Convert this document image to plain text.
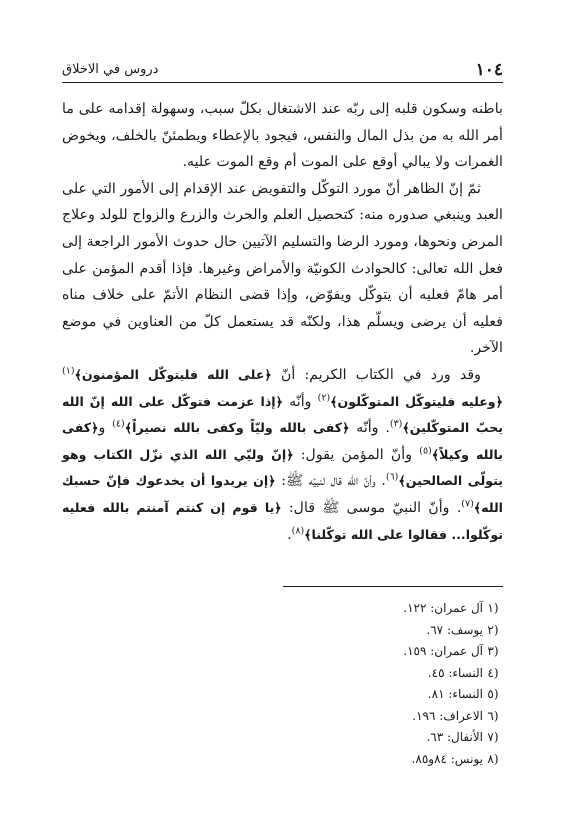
١٠٤
دروس في الاخلاق

باطنه وسكون قلبه إلى ربّه عند الاشتغال بكلّ سبب، وسهولة إقدامه على ما أمر الله به من بذل المال والنفس، فيجود بالإعطاء ويطمئنّ بالخلف، ويخوض الغمرات ولا يبالي أوقع على الموت أم وقع الموت عليه.

ثمّ إنّ الظاهر أنّ مورد التوكّل والتفويض عند الإقدام إلى الأمور التي على العبد وينبغي صدوره منه: كتحصيل العلم والحرث والزرع والزواج للولد وعلاج المرض ونحوها، ومورد الرضا والتسليم الآتيين حال حدوث الأمور الراجعة إلى فعل الله تعالى: كالحوادث الكونيّة والأمراض وغيرها. فإذا أقدم المؤمن على أمر هامّ فعليه أن يتوكّل ويفوّض، وإذا قضى النظام الأتمّ على خلاف مناه فعليه أن يرضى ويسلّم هذا، ولكنّه قد يستعمل كلّ من العناوين في موضع الآخر.

وقد ورد في الكتاب الكريم: أنّ ﴿على الله فليتوكّل المؤمنون﴾$^{(١)}$ ﴿وعليه فليتوكّل المتوكّلون﴾$^{(٢)}$ وأنّه ﴿إذا عزمت فتوكّل على الله إنّ الله يحبّ المتوكّلين﴾$^{(٣)}$. وأنّه ﴿كفى بالله وليّاً وكفى بالله نصيراً﴾$^{(٤)}$ و﴿كفى بالله وكيلاً﴾$^{(٥)}$ وأنّ المؤمن يقول: ﴿إنّ وليّي الله الذي نزّل الكتاب وهو يتولّى الصالحين﴾$^{(٦)}$. وأنّ الله قال لنبيّه ﷺ: ﴿إن يريدوا أن يخدعوك فإنّ حسبك الله﴾$^{(٧)}$. وأنّ النبيّ موسى ﷺ قال: ﴿يا قوم إن كنتم آمنتم بالله فعليه توكّلوا... فقالوا على الله توكّلنا﴾$^{(٨)}$.

١)
آل عمران: ١٢٢.
٢)
يوسف: ٦٧.
٣)
آل عمران: ١٥٩.
٤)
النساء: ٤٥.
٥)
النساء: ٨١.
٦)
الاعراف: ١٩٦.
٧)
الأنفال: ٦٣.
٨)
يونس: ٨٤و٨٥.
